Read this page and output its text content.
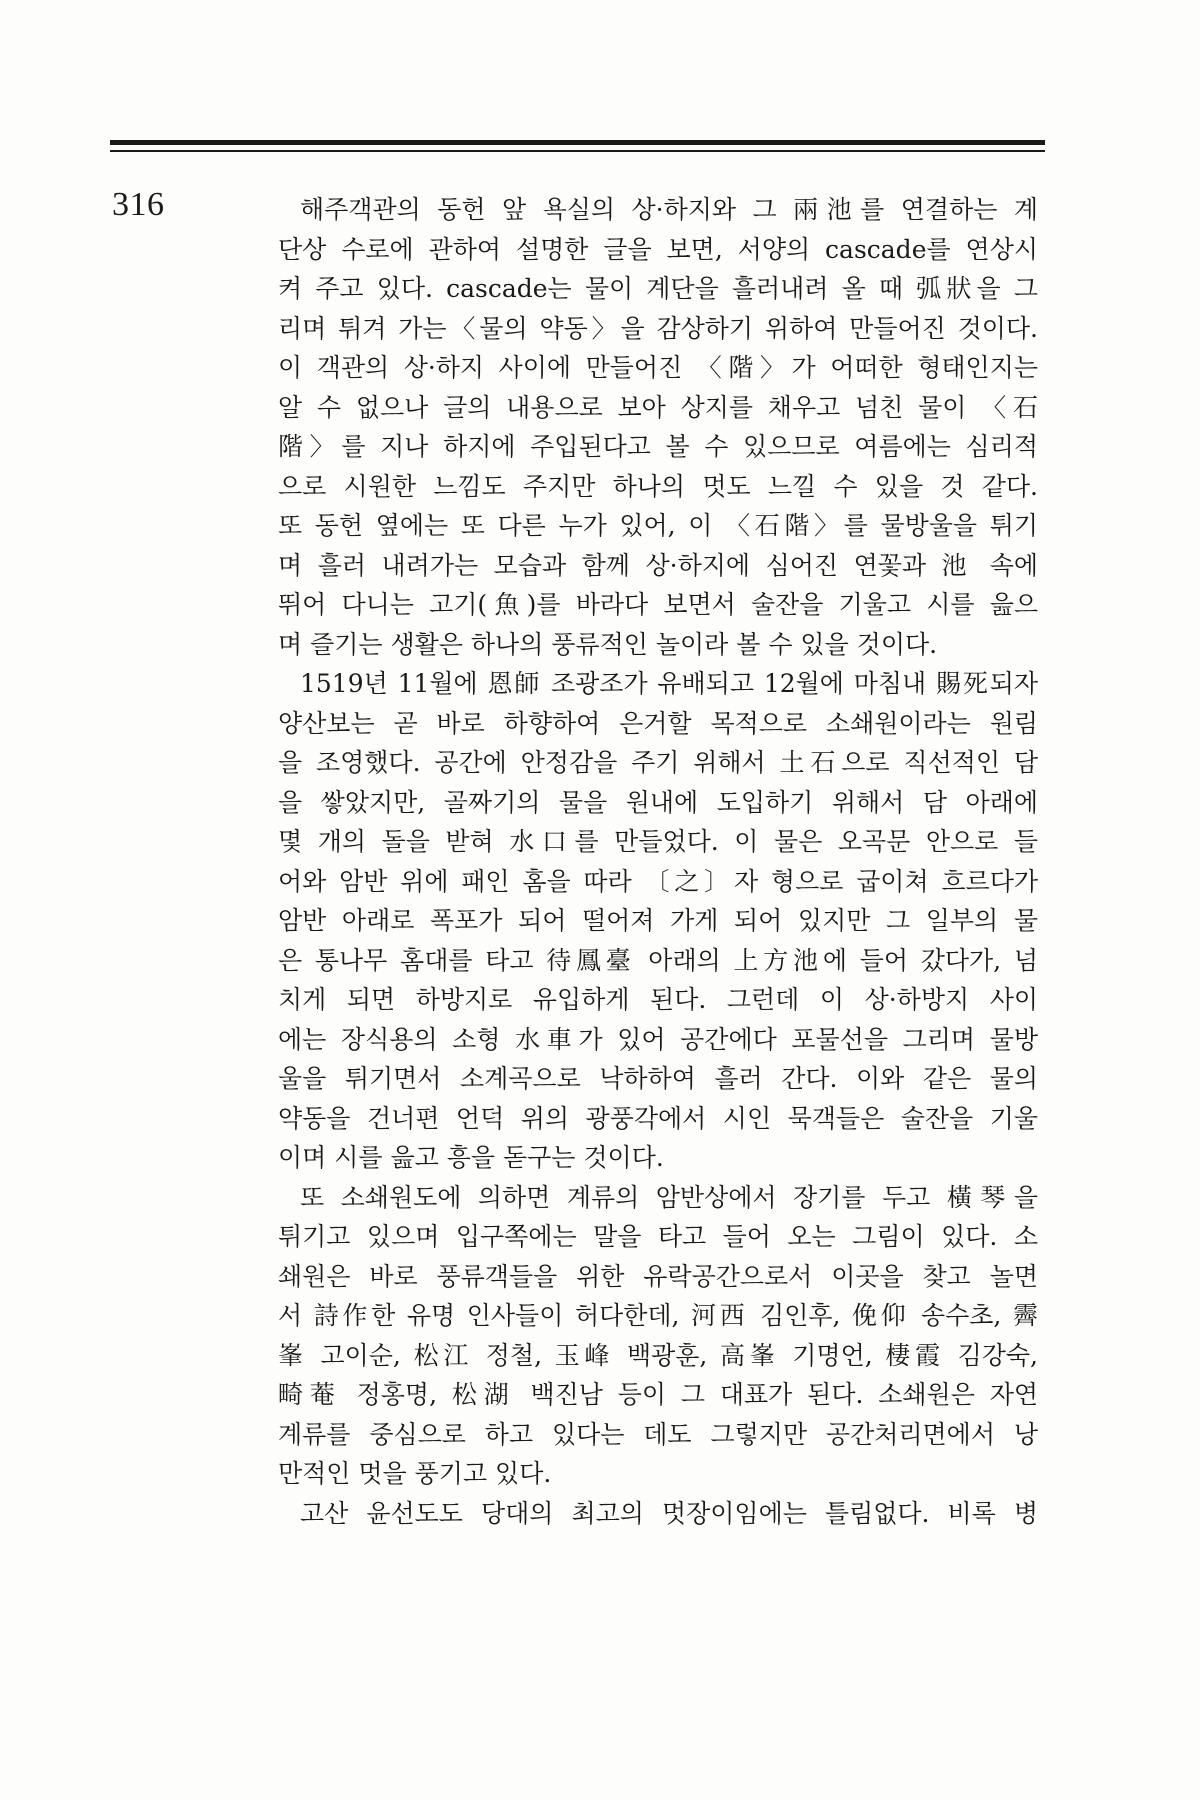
316	해주객관의 동헌 앞 욕실의 상·하지와 그 兩池를 연결하는 계
단상 수로에 관하여 설명한 글을 보면, 서양의 cascade를 연상시
켜 주고 있다. cascade는 물이 계단을 흘러내려 올 때 弧狀을 그
리며 튀겨 가는〈물의 약동〉을 감상하기 위하여 만들어진 것이다.
이 객관의 상·하지 사이에 만들어진 〈階〉가 어떠한 형태인지는
알 수 없으나 글의 내용으로 보아 상지를 채우고 넘친 물이 〈石
階〉를 지나 하지에 주입된다고 볼 수 있으므로 여름에는 심리적
으로 시원한 느낌도 주지만 하나의 멋도 느낄 수 있을 것 같다.
또 동헌 옆에는 또 다른 누가 있어, 이 〈石階〉를 물방울을 튀기
며 흘러 내려가는 모습과 함께 상·하지에 심어진 연꽃과 池 속에
뛰어 다니는 고기(魚)를 바라다 보면서 술잔을 기울고 시를 읊으
며 즐기는 생활은 하나의 풍류적인 놀이라 볼 수 있을 것이다.
1519년 11월에 恩師 조광조가 유배되고 12월에 마침내 賜死되자
양산보는 곧 바로 하향하여 은거할 목적으로 소쇄원이라는 원림
을 조영했다. 공간에 안정감을 주기 위해서 土石으로 직선적인 담
을 쌓았지만, 골짜기의 물을 원내에 도입하기 위해서 담 아래에
몇 개의 돌을 받혀 水口를 만들었다. 이 물은 오곡문 안으로 들
어와 암반 위에 패인 홈을 따라 〔之〕자 형으로 굽이쳐 흐르다가
암반 아래로 폭포가 되어 떨어져 가게 되어 있지만 그 일부의 물
은 통나무 홈대를 타고 待鳳臺 아래의 上方池에 들어 갔다가, 넘
치게 되면 하방지로 유입하게 된다. 그런데 이 상·하방지 사이
에는 장식용의 소형 水車가 있어 공간에다 포물선을 그리며 물방
울을 튀기면서 소계곡으로 낙하하여 흘러 간다. 이와 같은 물의
약동을 건너편 언덕 위의 광풍각에서 시인 묵객들은 술잔을 기울
이며 시를 읊고 흥을 돋구는 것이다.
또 소쇄원도에 의하면 계류의 암반상에서 장기를 두고 橫琴을
튀기고 있으며 입구쪽에는 말을 타고 들어 오는 그림이 있다. 소
쇄원은 바로 풍류객들을 위한 유락공간으로서 이곳을 찾고 놀면
서 詩作한 유명 인사들이 허다한데, 河西 김인후, 俛仰 송수초, 霽
峯 고이순, 松江 정철, 玉峰 백광훈, 高峯 기명언, 棲霞 김강숙,
畸菴 정홍명, 松湖 백진남 등이 그 대표가 된다. 소쇄원은 자연
계류를 중심으로 하고 있다는 데도 그렇지만 공간처리면에서 낭
만적인 멋을 풍기고 있다.
고산 윤선도도 당대의 최고의 멋장이임에는 틀림없다. 비록 병
